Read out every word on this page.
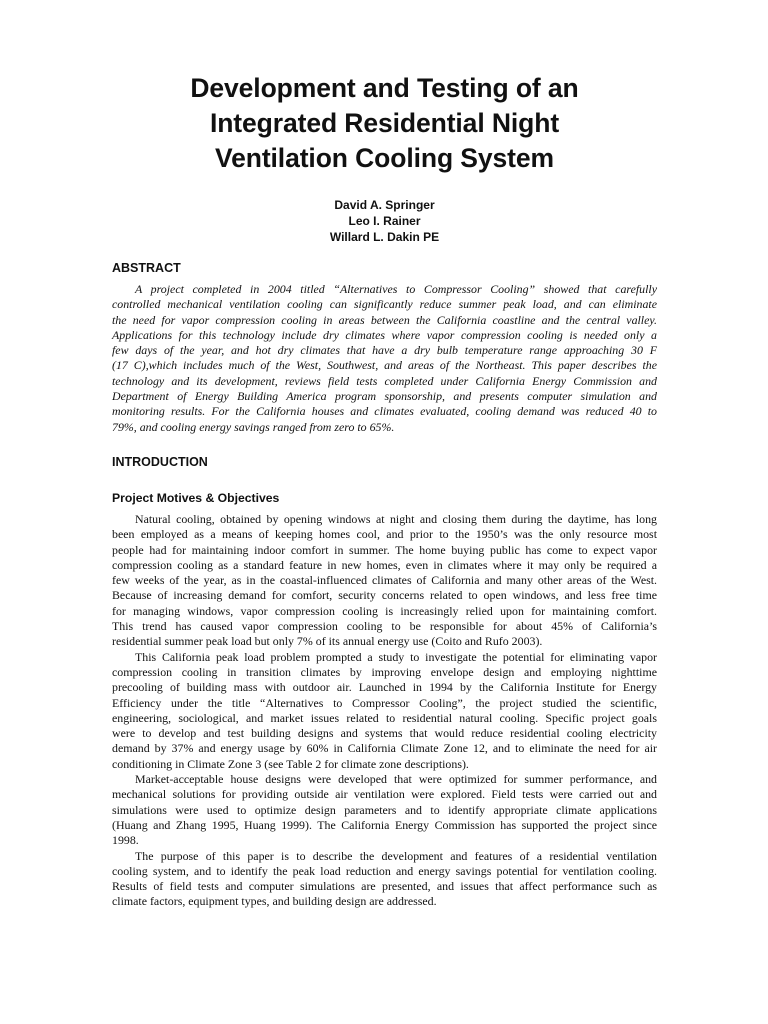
Development and Testing of an
Integrated Residential Night
Ventilation Cooling System
David A. Springer
Leo I. Rainer
Willard L. Dakin PE
ABSTRACT

A project completed in 2004 titled “Alternatives to Compressor Cooling” showed that carefully
controlled mechanical ventilation cooling can significantly reduce summer peak load, and can eliminate
the need for vapor compression cooling in areas between the California coastline and the central valley.
Applications for this technology include dry climates where vapor compression cooling is needed only a
few days of the year, and hot dry climates that have a dry bulb temperature range approaching 30 F
(17 C),which includes much of the West, Southwest, and areas of the Northeast. This paper describes the
technology and its development, reviews field tests completed under California Energy Commission and
Department of Energy Building America program sponsorship, and presents computer simulation and
monitoring results. For the California houses and climates evaluated, cooling demand was reduced 40 to
79%, and cooling energy savings ranged from zero to 65%.

INTRODUCTION
Project Motives & Objectives

Natural cooling, obtained by opening windows at night and closing them during the daytime, has long
been employed as a means of keeping homes cool, and prior to the 1950’s was the only resource most
people had for maintaining indoor comfort in summer. The home buying public has come to expect vapor
compression cooling as a standard feature in new homes, even in climates where it may only be required a
few weeks of the year, as in the coastal-influenced climates of California and many other areas of the West.
Because of increasing demand for comfort, security concerns related to open windows, and less free time
for managing windows, vapor compression cooling is increasingly relied upon for maintaining comfort.
This trend has caused vapor compression cooling to be responsible for about 45% of California’s
residential summer peak load but only 7% of its annual energy use (Coito and Rufo 2003).

This California peak load problem prompted a study to investigate the potential for eliminating vapor
compression cooling in transition climates by improving envelope design and employing nighttime
precooling of building mass with outdoor air. Launched in 1994 by the California Institute for Energy
Efficiency under the title “Alternatives to Compressor Cooling”, the project studied the scientific,
engineering, sociological, and market issues related to residential natural cooling. Specific project goals
were to develop and test building designs and systems that would reduce residential cooling electricity
demand by 37% and energy usage by 60% in California Climate Zone 12, and to eliminate the need for air
conditioning in Climate Zone 3 (see Table 2 for climate zone descriptions).

Market-acceptable house designs were developed that were optimized for summer performance, and
mechanical solutions for providing outside air ventilation were explored. Field tests were carried out and
simulations were used to optimize design parameters and to identify appropriate climate applications
(Huang and Zhang 1995, Huang 1999). The California Energy Commission has supported the project since
1998.

The purpose of this paper is to describe the development and features of a residential ventilation
cooling system, and to identify the peak load reduction and energy savings potential for ventilation cooling.
Results of field tests and computer simulations are presented, and issues that affect performance such as
climate factors, equipment types, and building design are addressed.
